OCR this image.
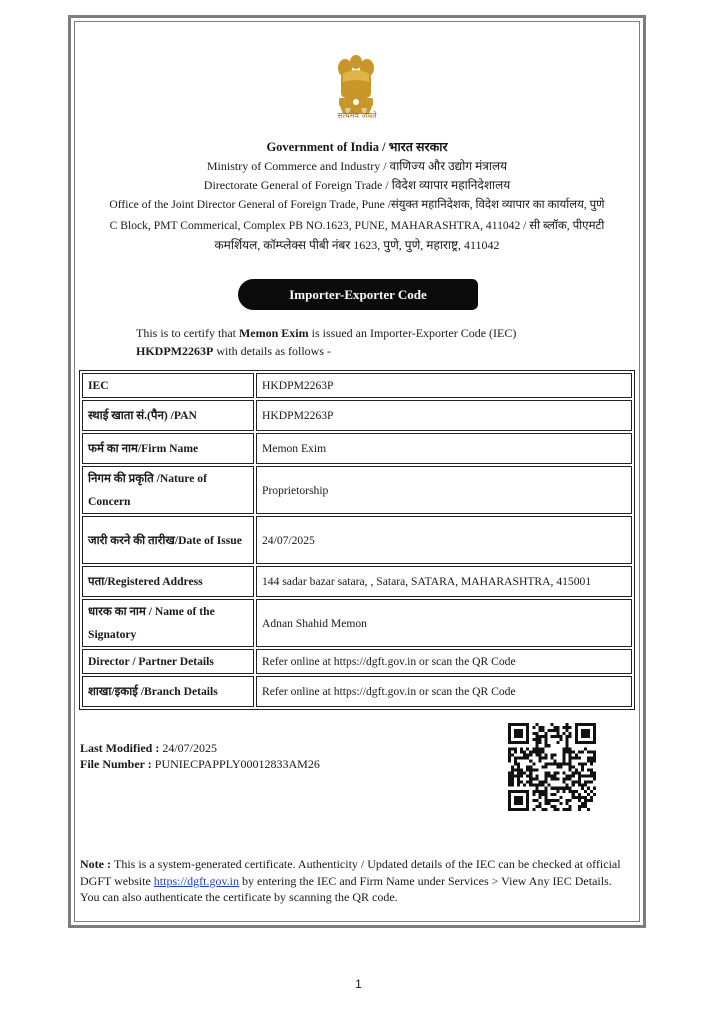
सत्यमेव जयते
Government of India / भारत सरकार
Ministry of Commerce and Industry / वाणिज्य और उद्योग मंत्रालय
Directorate General of Foreign Trade / विदेश व्यापार महानिदेशालय
Office of the Joint Director General of Foreign Trade, Pune /संयुक्त महानिदेशक, विदेश व्यापार का कार्यालय, पुणे
C Block, PMT Commerical, Complex PB NO.1623, PUNE, MAHARASHTRA, 411042 / सी ब्लॉक, पीएमटी
कमर्शियल, कॉम्प्लेक्स पीबी नंबर 1623, पुणे, पुणे, महाराष्ट्र, 411042
Importer-Exporter Code
This is to certify that Memon Exim is issued an Importer-Exporter Code (IEC)
HKDPM2263P with details as follows -
IEC	HKDPM2263P
स्थाई खाता सं.(पैन) /PAN	HKDPM2263P
फर्म का नाम/Firm Name	Memon Exim
निगम की प्रकृति /Nature of Concern	Proprietorship
जारी करने की तारीख/Date of Issue	24/07/2025
पता/Registered Address	144 sadar bazar satara, , Satara, SATARA, MAHARASHTRA, 415001
धारक का नाम / Name of the Signatory	Adnan Shahid Memon
Director / Partner Details	Refer online at https://dgft.gov.in or scan the QR Code
शाखा/इकाई /Branch Details	Refer online at https://dgft.gov.in or scan the QR Code
Last Modified : 24/07/2025
File Number : PUNIECPAPPLY00012833AM26
Note : This is a system-generated certificate. Authenticity / Updated details of the IEC can be checked at official DGFT website https://dgft.gov.in by entering the IEC and Firm Name under Services > View Any IEC Details. You can also authenticate the certificate by scanning the QR code.
1
